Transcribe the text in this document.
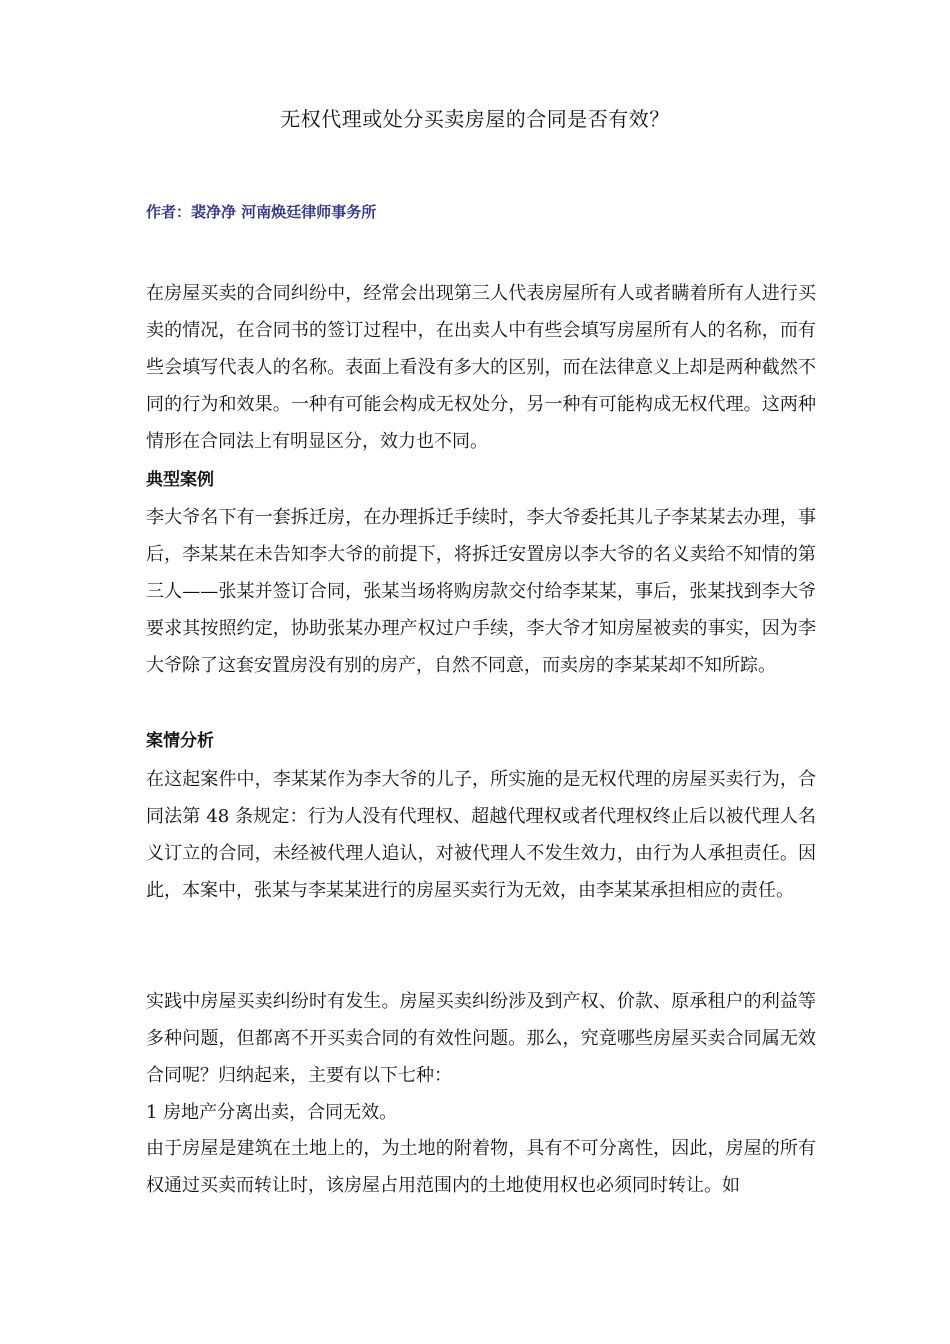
无权代理或处分买卖房屋的合同是否有效？
作者：裴净净 河南焕廷律师事务所
在房屋买卖的合同纠纷中，经常会出现第三人代表房屋所有人或者瞒着所有人进行买卖的情况，在合同书的签订过程中，在出卖人中有些会填写房屋所有人的名称，而有些会填写代表人的名称。表面上看没有多大的区别，而在法律意义上却是两种截然不同的行为和效果。一种有可能会构成无权处分，另一种有可能构成无权代理。这两种情形在合同法上有明显区分，效力也不同。
典型案例
李大爷名下有一套拆迁房，在办理拆迁手续时，李大爷委托其儿子李某某去办理，事后，李某某在未告知李大爷的前提下，将拆迁安置房以李大爷的名义卖给不知情的第三人——张某并签订合同，张某当场将购房款交付给李某某，事后，张某找到李大爷要求其按照约定，协助张某办理产权过户手续，李大爷才知房屋被卖的事实，因为李大爷除了这套安置房没有别的房产，自然不同意，而卖房的李某某却不知所踪。
案情分析
在这起案件中，李某某作为李大爷的儿子，所实施的是无权代理的房屋买卖行为，合同法第 48 条规定：行为人没有代理权、超越代理权或者代理权终止后以被代理人名义订立的合同，未经被代理人追认，对被代理人不发生效力，由行为人承担责任。因此，本案中，张某与李某某进行的房屋买卖行为无效，由李某某承担相应的责任。
实践中房屋买卖纠纷时有发生。房屋买卖纠纷涉及到产权、价款、原承租户的利益等多种问题，但都离不开买卖合同的有效性问题。那么，究竟哪些房屋买卖合同属无效合同呢？归纳起来，主要有以下七种：
1 房地产分离出卖，合同无效。
由于房屋是建筑在土地上的，为土地的附着物，具有不可分离性，因此，房屋的所有权通过买卖而转让时，该房屋占用范围内的土地使用权也必须同时转让。如
